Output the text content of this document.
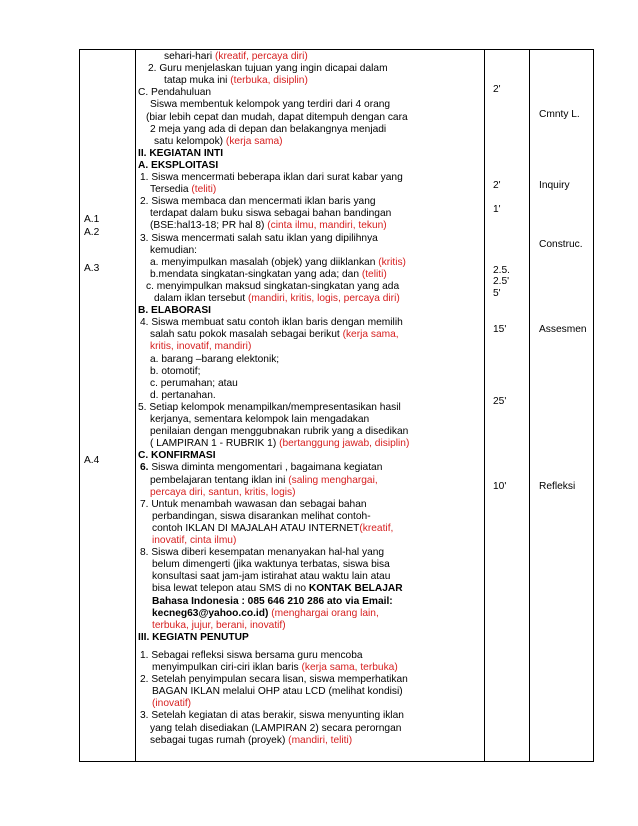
A.1
A.2
A.3
A.4
sehari-hari (kreatif, percaya diri)
2. Guru menjelaskan tujuan yang ingin dicapai dalam
tatap muka ini (terbuka, disiplin)
C. Pendahuluan
Siswa membentuk kelompok yang terdiri dari 4 orang
(biar lebih cepat dan mudah, dapat ditempuh dengan cara
2 meja yang ada di depan dan belakangnya menjadi
satu kelompok) (kerja sama)
II. KEGIATAN INTI
A. EKSPLOITASI
1. Siswa mencermati beberapa iklan dari surat kabar yang
Tersedia (teliti)
2. Siswa membaca dan mencermati iklan baris yang
terdapat dalam buku siswa sebagai bahan bandingan
(BSE:hal13-18; PR hal 8) (cinta ilmu, mandiri, tekun)
3. Siswa mencermati salah satu iklan yang dipilihnya
kemudian:
a. menyimpulkan masalah (objek) yang diiklankan (kritis)
b.mendata singkatan-singkatan yang ada; dan (teliti)
c. menyimpulkan maksud singkatan-singkatan yang ada
dalam iklan tersebut (mandiri, kritis, logis, percaya diri)
B. ELABORASI
4. Siswa membuat satu contoh iklan baris dengan memilih
salah satu pokok masalah sebagai berikut (kerja sama,
kritis, inovatif, mandiri)
a. barang –barang elektonik;
b. otomotif;
c. perumahan; atau
d. pertanahan.
5. Setiap kelompok menampilkan/mempresentasikan hasil
kerjanya, sementara kelompok lain mengadakan
penilaian dengan menggubnakan rubrik yang a disedikan
( LAMPIRAN 1 - RUBRIK 1) (bertanggung jawab, disiplin)
C. KONFIRMASI
6. Siswa diminta mengomentari , bagaimana kegiatan
pembelajaran tentang iklan ini (saling menghargai,
percaya diri, santun, kritis, logis)
7. Untuk menambah wawasan dan sebagai bahan
perbandingan, siswa disarankan melihat contoh-
contoh IKLAN DI MAJALAH ATAU INTERNET(kreatif,
inovatif, cinta ilmu)
8. Siswa diberi kesempatan menanyakan hal-hal yang
belum dimengerti (jika waktunya terbatas, siswa bisa
konsultasi saat jam-jam istirahat atau waktu lain atau
bisa lewat telepon atau SMS di no KONTAK BELAJAR
Bahasa Indonesia : 085 646 210 286 ato via Email:
kecneg63@yahoo.co.id) (menghargai orang lain,
terbuka, jujur, berani, inovatif)
III. KEGIATN PENUTUP
1. Sebagai refleksi siswa bersama guru mencoba
menyimpulkan ciri-ciri iklan baris (kerja sama, terbuka)
2. Setelah penyimpulan secara lisan, siswa memperhatikan
BAGAN IKLAN melalui OHP atau LCD (melihat kondisi)
(inovatif)
3. Setelah kegiatan di atas berakir, siswa menyunting iklan
yang telah disediakan (LAMPIRAN 2) secara perorngan
sebagai tugas rumah (proyek) (mandiri, teliti)
2'
2'
1'
2.5.
2.5'
5'
15'
25'
10'
Cmnty L.
Inquiry
Construc.
Assesmen
Refleksi
